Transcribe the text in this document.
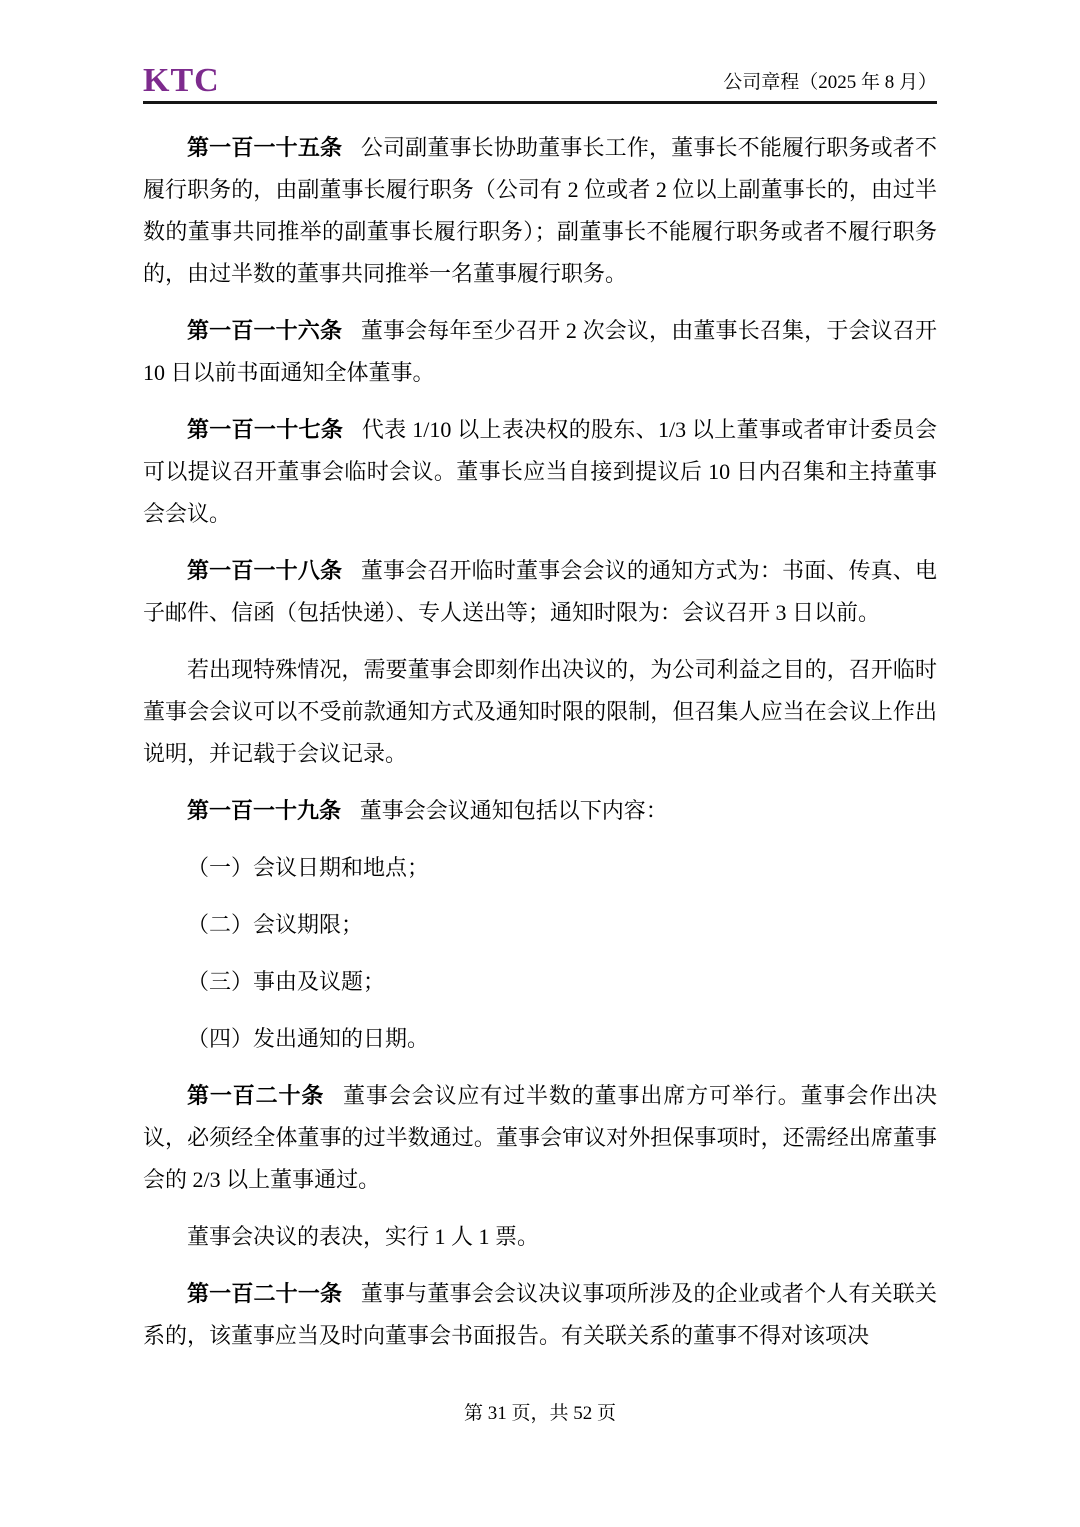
KTC	公司章程（2025 年 8 月）

第一百一十五条 公司副董事长协助董事长工作，董事长不能履行职务或者不履行职务的，由副董事长履行职务（公司有 2 位或者 2 位以上副董事长的，由过半数的董事共同推举的副董事长履行职务）；副董事长不能履行职务或者不履行职务的，由过半数的董事共同推举一名董事履行职务。

第一百一十六条 董事会每年至少召开 2 次会议，由董事长召集，于会议召开 10 日以前书面通知全体董事。

第一百一十七条 代表 1/10 以上表决权的股东、1/3 以上董事或者审计委员会可以提议召开董事会临时会议。董事长应当自接到提议后 10 日内召集和主持董事会会议。

第一百一十八条 董事会召开临时董事会会议的通知方式为：书面、传真、电子邮件、信函（包括快递）、专人送出等；通知时限为：会议召开 3 日以前。

若出现特殊情况，需要董事会即刻作出决议的，为公司利益之目的，召开临时董事会会议可以不受前款通知方式及通知时限的限制，但召集人应当在会议上作出说明，并记载于会议记录。

第一百一十九条 董事会会议通知包括以下内容：

（一）会议日期和地点；

（二）会议期限；

（三）事由及议题；

（四）发出通知的日期。

第一百二十条 董事会会议应有过半数的董事出席方可举行。董事会作出决议，必须经全体董事的过半数通过。董事会审议对外担保事项时，还需经出席董事会的 2/3 以上董事通过。

董事会决议的表决，实行 1 人 1 票。

第一百二十一条 董事与董事会会议决议事项所涉及的企业或者个人有关联关系的，该董事应当及时向董事会书面报告。有关联关系的董事不得对该项决

第 31 页，共 52 页
